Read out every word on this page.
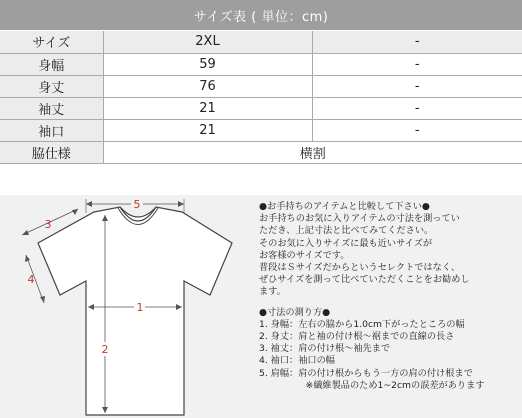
サイズ表 ( 単位：cm)
サイズ	2XL	-
身幅	59	-
身丈	76	-
袖丈	21	-
袖口	21	-
脇仕様	横割	
5
3
4
1
2
●お手持ちのアイテムと比較して下さい●
お手持ちのお気に入りアイテムの寸法を測ってい
ただき、上記寸法と比べてみてください。
そのお気に入りサイズに最も近いサイズが
お客様のサイズです。
普段はＳサイズだからというセレクトではなく、
ぜひサイズを測って比べていただくことをお勧めし
ます。
●寸法の測り方●
1. 身幅：左右の脇から1.0cm下がったところの幅
2. 身丈：肩と袖の付け根～裾までの直線の長さ
3. 袖丈：肩の付け根～袖先まで
4. 袖口：袖口の幅
5. 肩幅：肩の付け根からもう一方の肩の付け根まで
※繊維製品のため1~2cmの誤差があります
